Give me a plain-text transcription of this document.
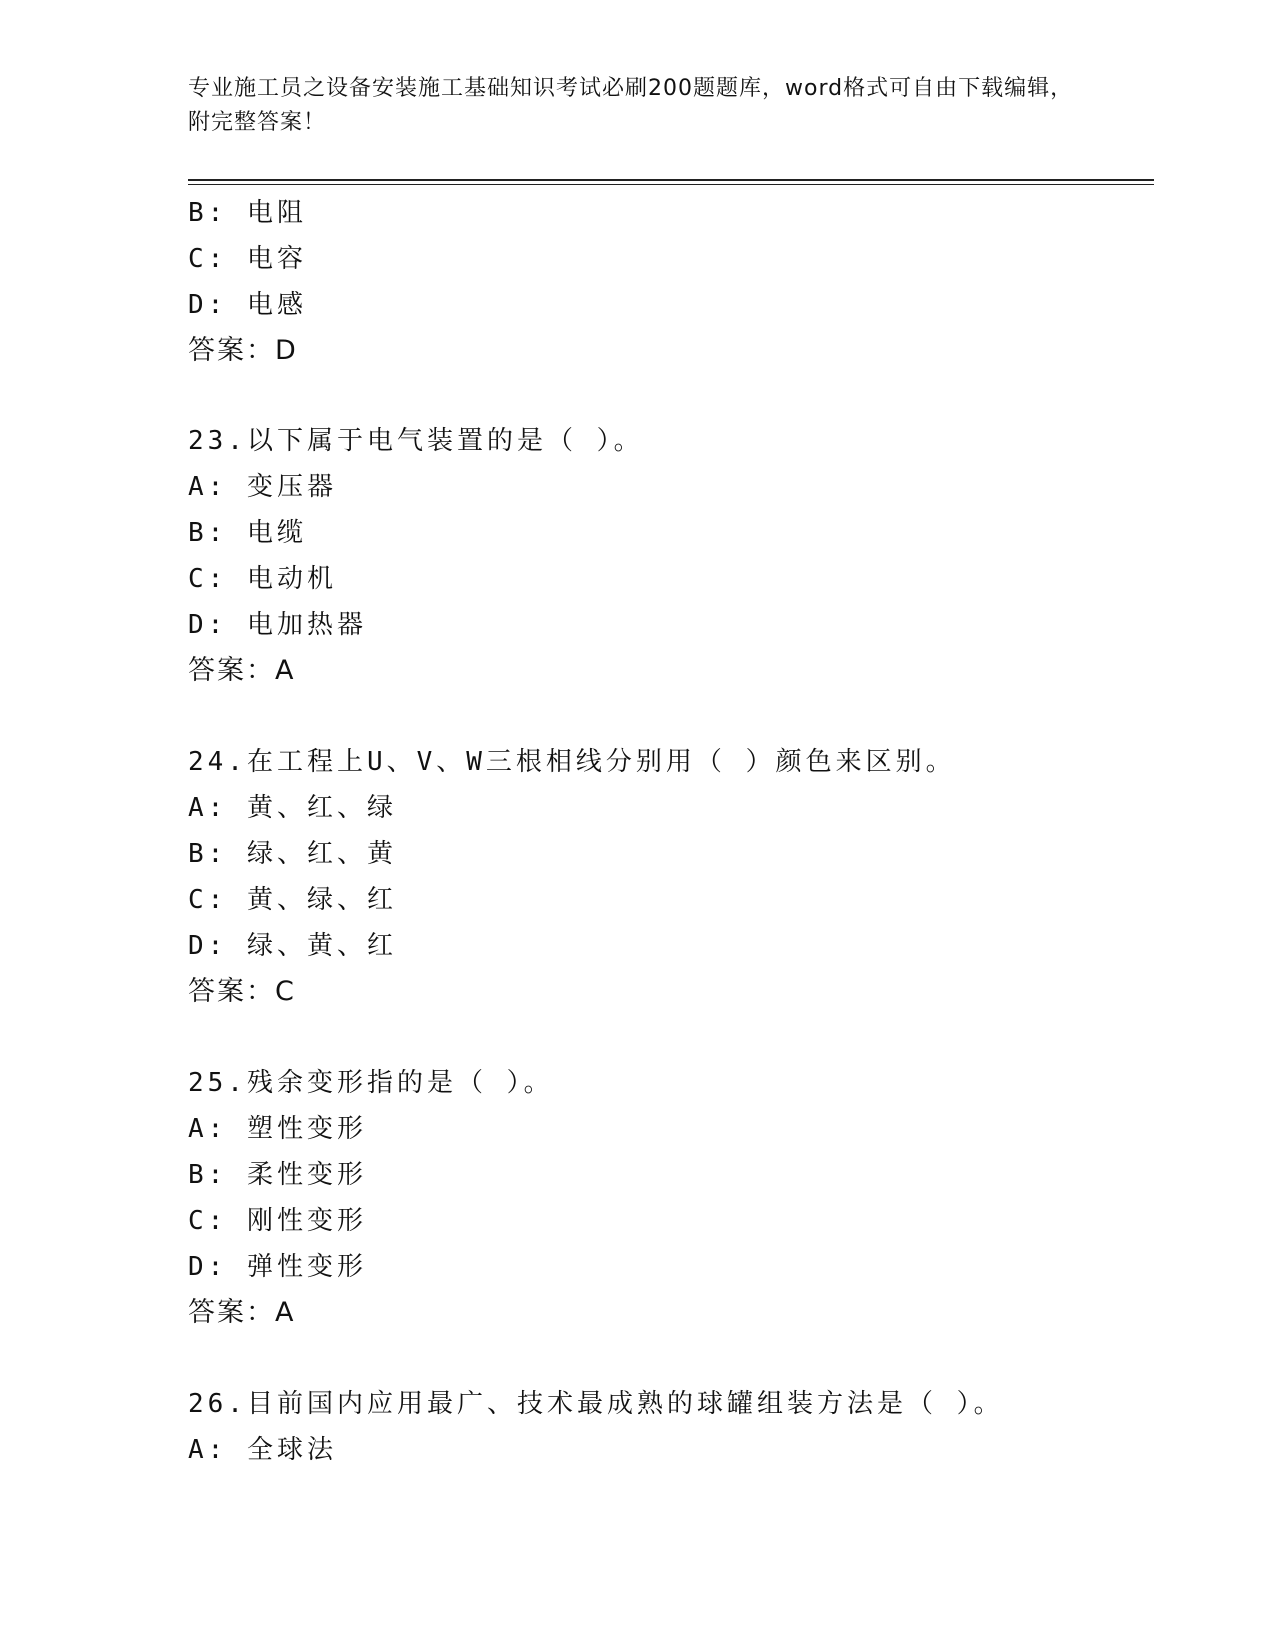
专业施工员之设备安装施工基础知识考试必刷200题题库，word格式可自由下载编辑，附完整答案！
B: 电阻
C: 电容
D: 电感
答案：D
23.以下属于电气装置的是（ ）。
A: 变压器
B: 电缆
C: 电动机
D: 电加热器
答案：A
24.在工程上U、V、W三根相线分别用（ ）颜色来区别。
A: 黄、红、绿
B: 绿、红、黄
C: 黄、绿、红
D: 绿、黄、红
答案：C
25.残余变形指的是（ ）。
A: 塑性变形
B: 柔性变形
C: 刚性变形
D: 弹性变形
答案：A
26.目前国内应用最广、技术最成熟的球罐组装方法是（ ）。
A: 全球法
